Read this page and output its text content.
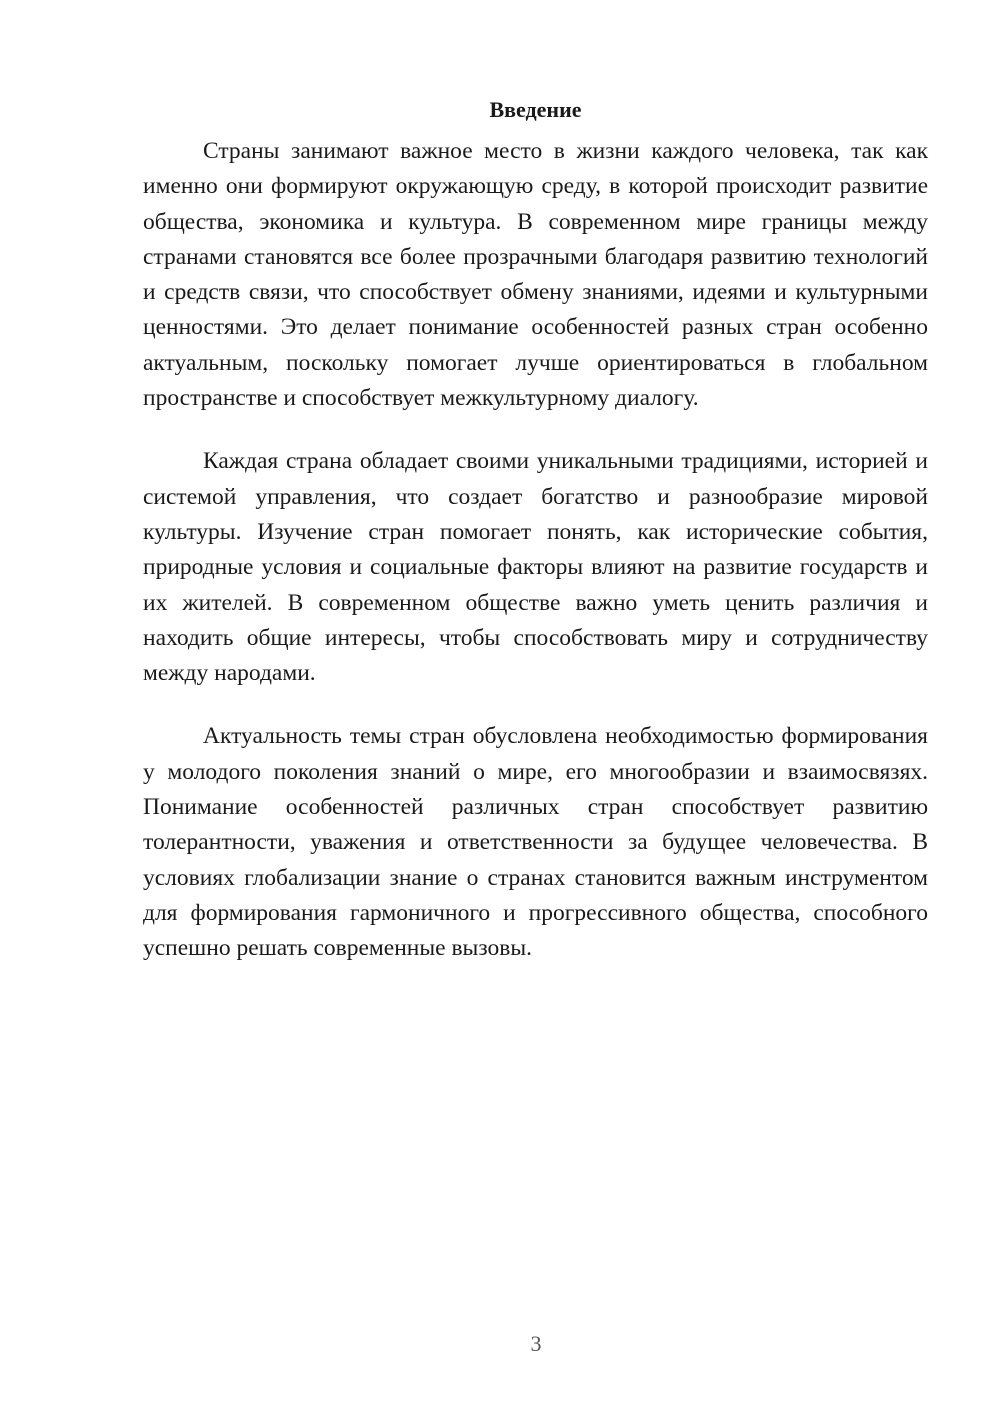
Введение

Страны занимают важное место в жизни каждого человека, так как именно они формируют окружающую среду, в которой происходит развитие общества, экономика и культура. В современном мире границы между странами становятся все более прозрачными благодаря развитию технологий и средств связи, что способствует обмену знаниями, идеями и культурными ценностями. Это делает понимание особенностей разных стран особенно актуальным, поскольку помогает лучше ориентироваться в глобальном пространстве и способствует межкультурному диалогу.

Каждая страна обладает своими уникальными традициями, историей и системой управления, что создает богатство и разнообразие мировой культуры. Изучение стран помогает понять, как исторические события, природные условия и социальные факторы влияют на развитие государств и их жителей. В современном обществе важно уметь ценить различия и находить общие интересы, чтобы способствовать миру и сотрудничеству между народами.

Актуальность темы стран обусловлена необходимостью формирования у молодого поколения знаний о мире, его многообразии и взаимосвязях. Понимание особенностей различных стран способствует развитию толерантности, уважения и ответственности за будущее человечества. В условиях глобализации знание о странах становится важным инструментом для формирования гармоничного и прогрессивного общества, способного успешно решать современные вызовы.

3
